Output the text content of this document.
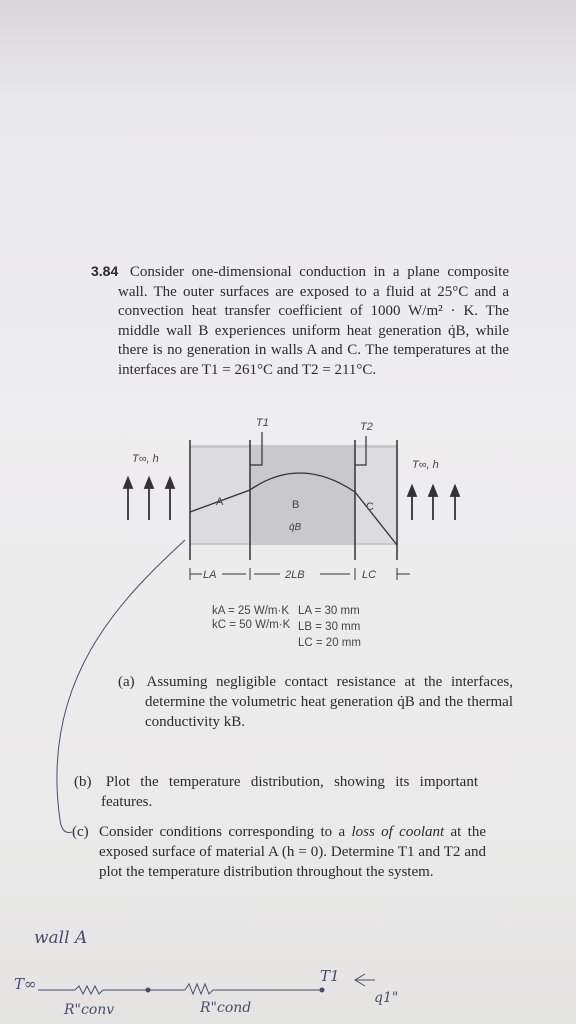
3.84 Consider one-dimensional conduction in a plane composite wall. The outer surfaces are exposed to a fluid at 25°C and a convection heat transfer coefficient of 1000 W/m² · K. The middle wall B experiences uniform heat generation q̇B, while there is no generation in walls A and C. The temperatures at the interfaces are T1 = 261°C and T2 = 211°C.
T1	T2
T∞, h	T∞, h
A	B	C
q̇B
LA	2LB	LC
kA = 25 W/m·K
kC = 50 W/m·K
LA = 30 mm
LB = 30 mm
LC = 20 mm
(a) Assuming negligible contact resistance at the interfaces, determine the volumetric heat generation q̇B and the thermal conductivity kB.
(b) Plot the temperature distribution, showing its important features.
(c) Consider conditions corresponding to a loss of coolant at the exposed surface of material A (h = 0). Determine T1 and T2 and plot the temperature distribution throughout the system.
wall A
T∞	T1
q1"
R"conv	R"cond
